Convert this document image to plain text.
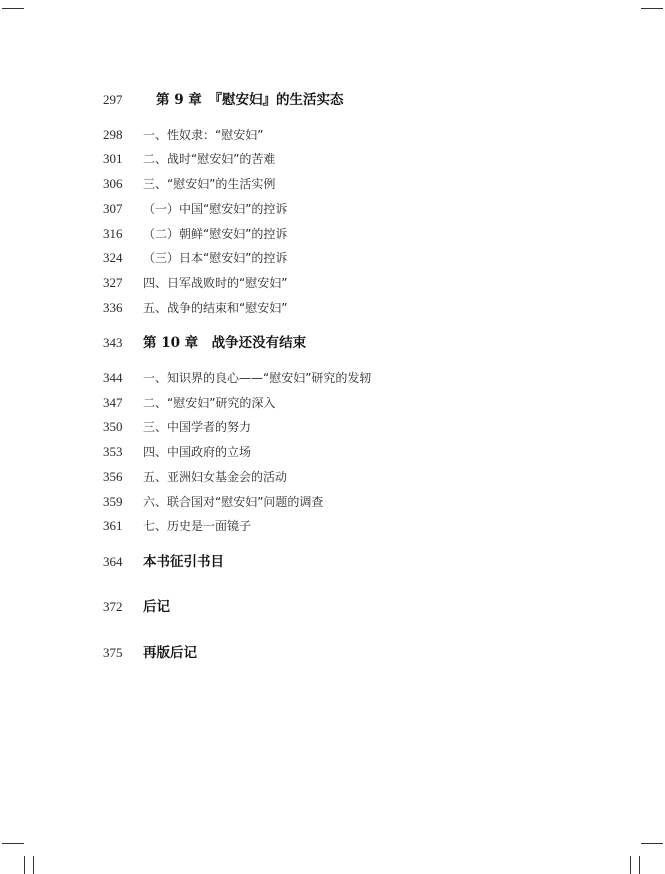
297	第 9 章　『慰安妇』的生活实态
298	一、性奴隶：“慰安妇”
301	二、战时“慰安妇”的苦难
306	三、“慰安妇”的生活实例
307	（一）中国“慰安妇”的控诉
316	（二）朝鲜“慰安妇”的控诉
324	（三）日本“慰安妇”的控诉
327	四、日军战败时的“慰安妇”
336	五、战争的结束和“慰安妇”
343	第 10 章　战争还没有结束
344	一、知识界的良心——“慰安妇”研究的发轫
347	二、“慰安妇”研究的深入
350	三、中国学者的努力
353	四、中国政府的立场
356	五、亚洲妇女基金会的活动
359	六、联合国对“慰安妇”问题的调查
361	七、历史是一面镜子
364	本书征引书目
372	后记
375	再版后记
